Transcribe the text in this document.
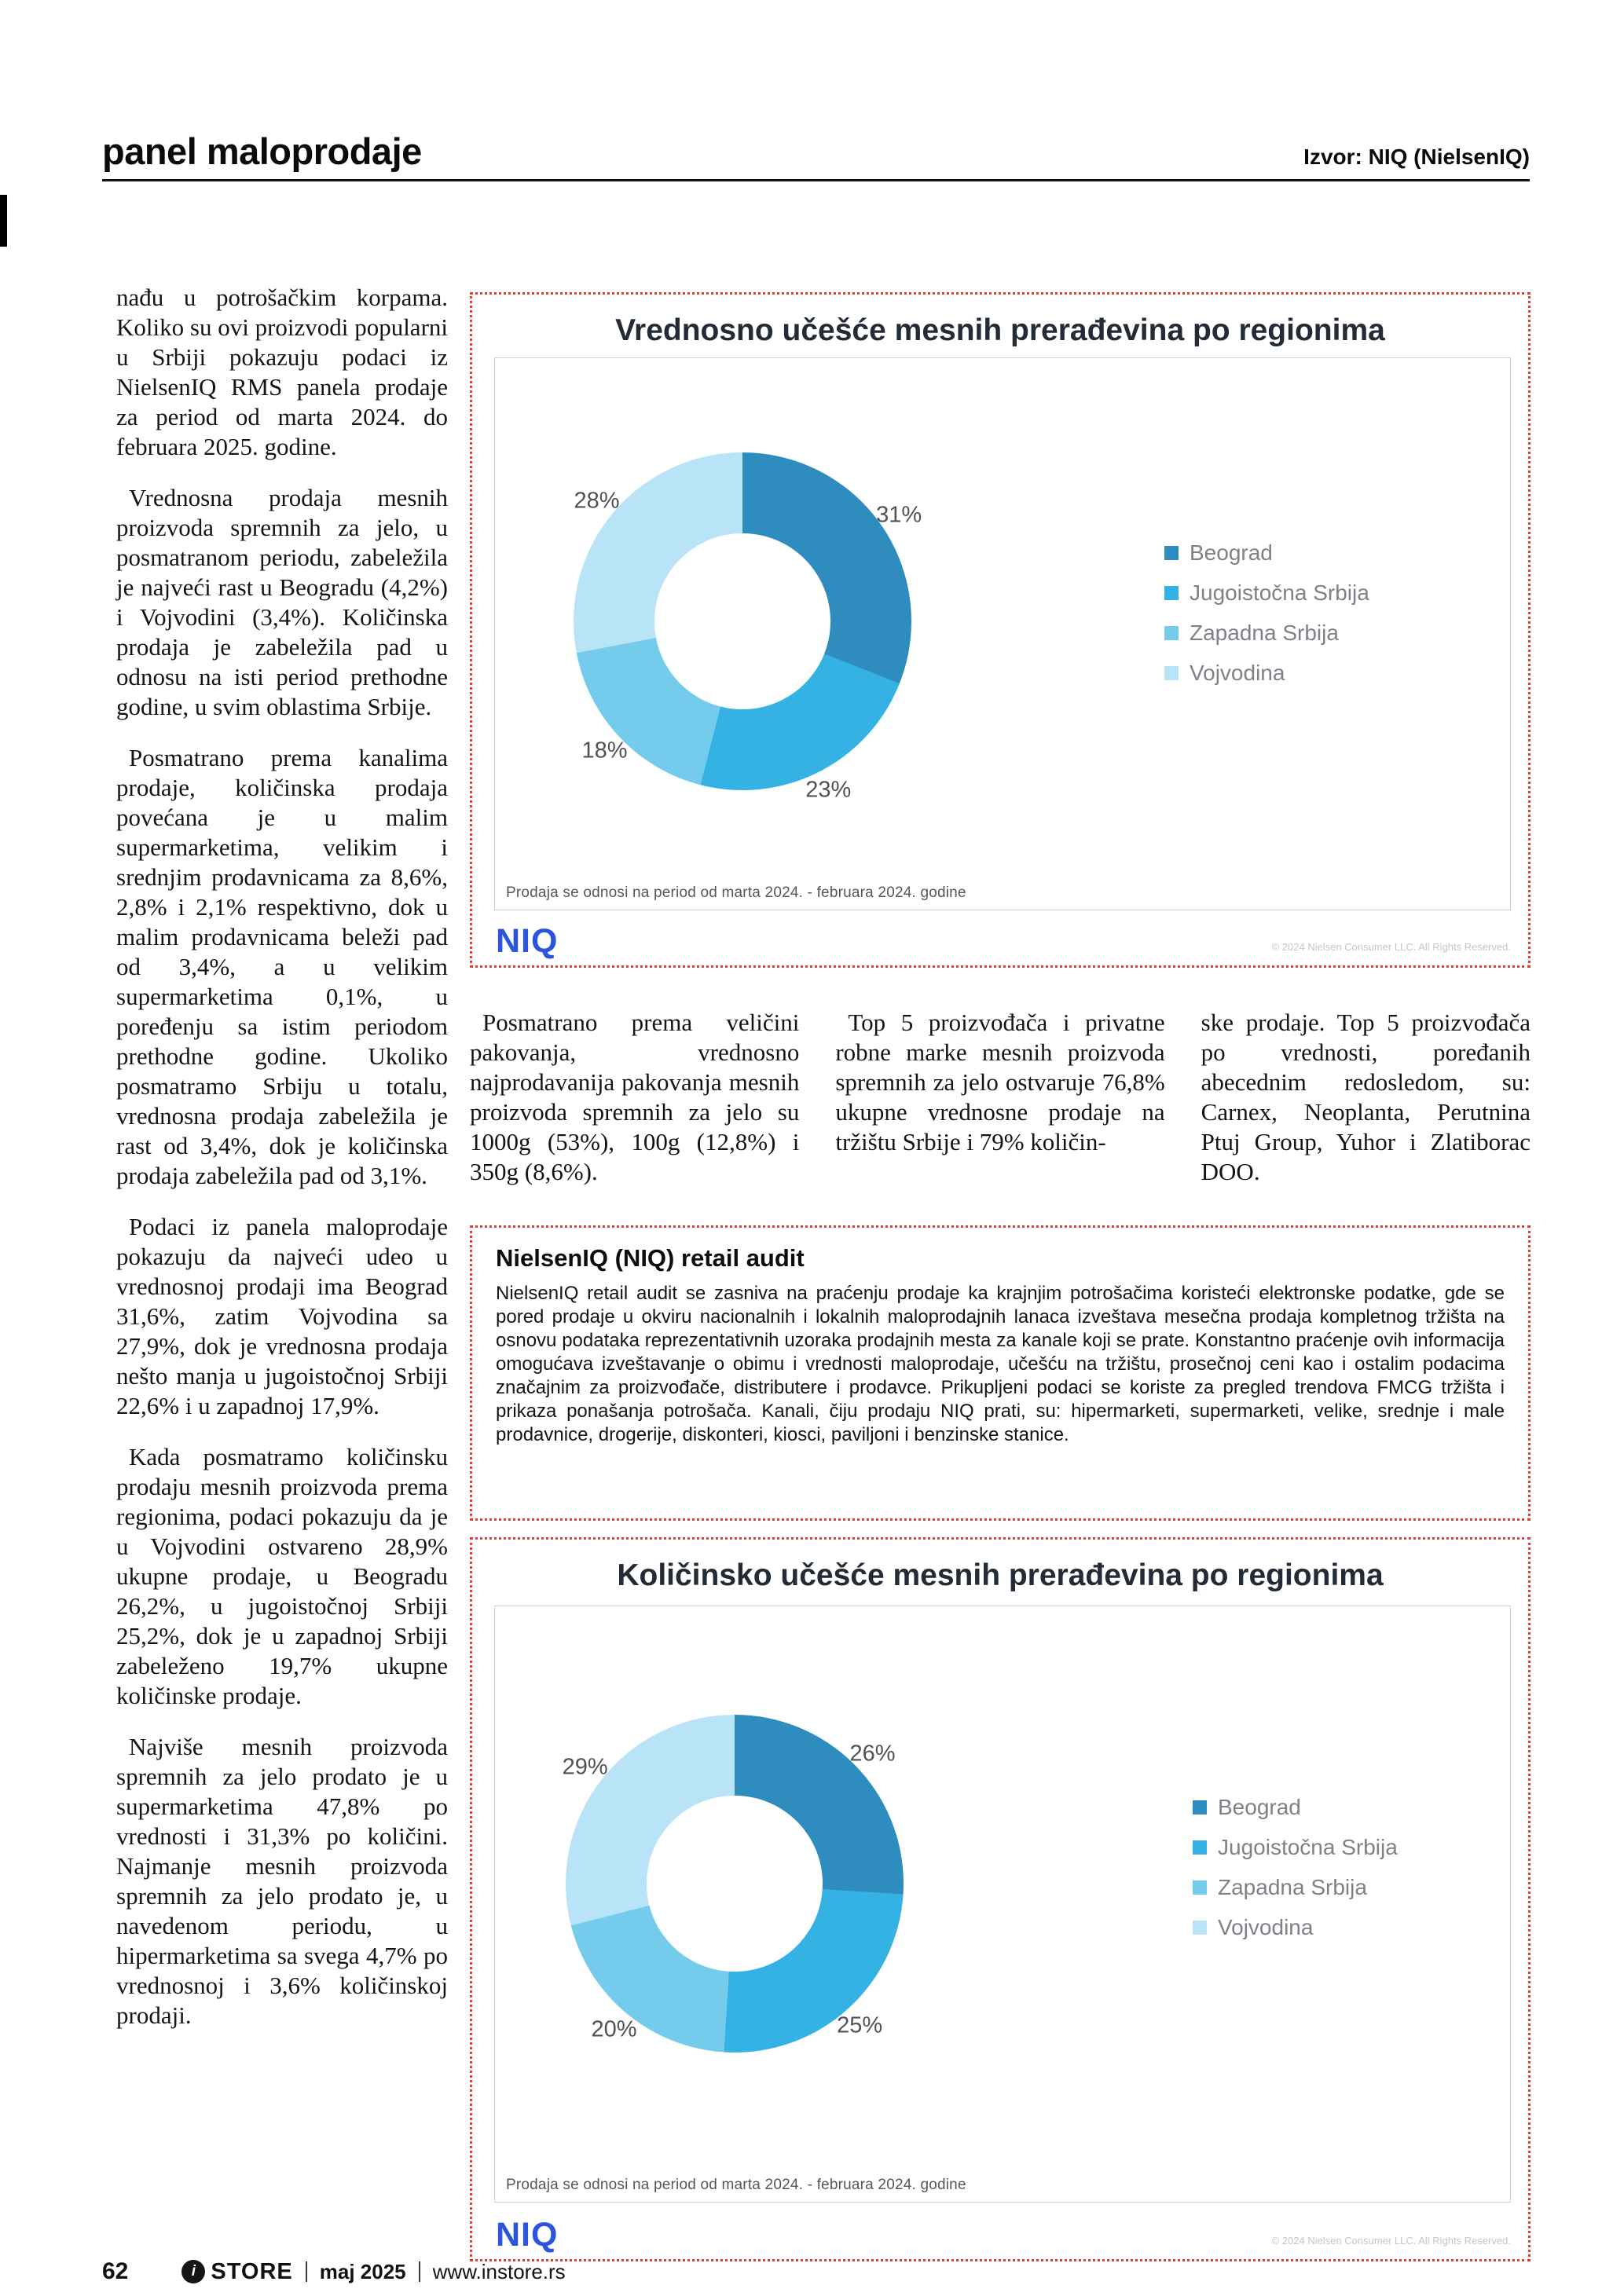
panel maloprodaje	Izvor: NIQ (NielsenIQ)

nađu u potrošačkim korpama. Koliko su ovi proizvodi popularni u Srbiji pokazuju podaci iz NielsenIQ RMS panela prodaje za period od marta 2024. do februara 2025. godine.

Vrednosna prodaja mesnih proizvoda spremnih za jelo, u posmatranom periodu, zabeležila je najveći rast u Beogradu (4,2%) i Vojvodini (3,4%). Količinska prodaja je zabeležila pad u odnosu na isti period prethodne godine, u svim oblastima Srbije.

Posmatrano prema kanalima prodaje, količinska prodaja povećana je u malim supermarketima, velikim i srednjim prodavnicama za 8,6%, 2,8% i 2,1% respektivno, dok u malim prodavnicama beleži pad od 3,4%, a u velikim supermarketima 0,1%, u poređenju sa istim periodom prethodne godine. Ukoliko posmatramo Srbiju u totalu, vrednosna prodaja zabeležila je rast od 3,4%, dok je količinska prodaja zabeležila pad od 3,1%.

Podaci iz panela maloprodaje pokazuju da najveći udeo u vrednosnoj prodaji ima Beograd 31,6%, zatim Vojvodina sa 27,9%, dok je vrednosna prodaja nešto manja u jugoistočnoj Srbiji 22,6% i u zapadnoj 17,9%.

Kada posmatramo količinsku prodaju mesnih proizvoda prema regionima, podaci pokazuju da je u Vojvodini ostvareno 28,9% ukupne prodaje, u Beogradu 26,2%, u jugoistočnoj Srbiji 25,2%, dok je u zapadnoj Srbiji zabeleženo 19,7% ukupne količinske prodaje.

Najviše mesnih proizvoda spremnih za jelo prodato je u supermarketima 47,8% po vrednosti i 31,3% po količini. Najmanje mesnih proizvoda spremnih za jelo prodato je, u navedenom periodu, u hipermarketima sa svega 4,7% po vrednosnoj i 3,6% količinskoj prodaji.

Vrednosno učešće mesnih prerađevina po regionima
31%
23%
18%
28%
Beograd
Jugoistočna Srbija
Zapadna Srbija
Vojvodina
Prodaja se odnosi na period od marta 2024. - februara 2024. godine
NIQ	© 2024 Nielsen Consumer LLC. All Rights Reserved.

Posmatrano prema veličini pakovanja, vrednosno najprodavanija pakovanja mesnih proizvoda spremnih za jelo su 1000g (53%), 100g (12,8%) i 350g (8,6%).

Top 5 proizvođača i privatne robne marke mesnih proizvoda spremnih za jelo ostvaruje 76,8% ukupne vrednosne prodaje na tržištu Srbije i 79% količin-

ske prodaje. Top 5 proizvođača po vrednosti, poređanih abecednim redosledom, su: Carnex, Neoplanta, Perutnina Ptuj Group, Yuhor i Zlatiborac DOO.

NielsenIQ (NIQ) retail audit

NielsenIQ retail audit se zasniva na praćenju prodaje ka krajnjim potrošačima koristeći elektronske podatke, gde se pored prodaje u okviru nacionalnih i lokalnih maloprodajnih lanaca izveštava mesečna prodaja kompletnog tržišta na osnovu podataka reprezentativnih uzoraka prodajnih mesta za kanale koji se prate. Konstantno praćenje ovih informacija omogućava izveštavanje o obimu i vrednosti maloprodaje, učešću na tržištu, prosečnoj ceni kao i ostalim podacima značajnim za proizvođače, distributere i prodavce. Prikupljeni podaci se koriste za pregled trendova FMCG tržišta i prikaza ponašanja potrošača. Kanali, čiju prodaju NIQ prati, su: hipermarketi, supermarketi, velike, srednje i male prodavnice, drogerije, diskonteri, kiosci, paviljoni i benzinske stanice.

Količinsko učešće mesnih prerađevina po regionima
26%
25%
20%
29%
Beograd
Jugoistočna Srbija
Zapadna Srbija
Vojvodina
Prodaja se odnosi na period od marta 2024. - februara 2024. godine
NIQ	© 2024 Nielsen Consumer LLC. All Rights Reserved.
62	i STORE maj 2025 www.instore.rs
